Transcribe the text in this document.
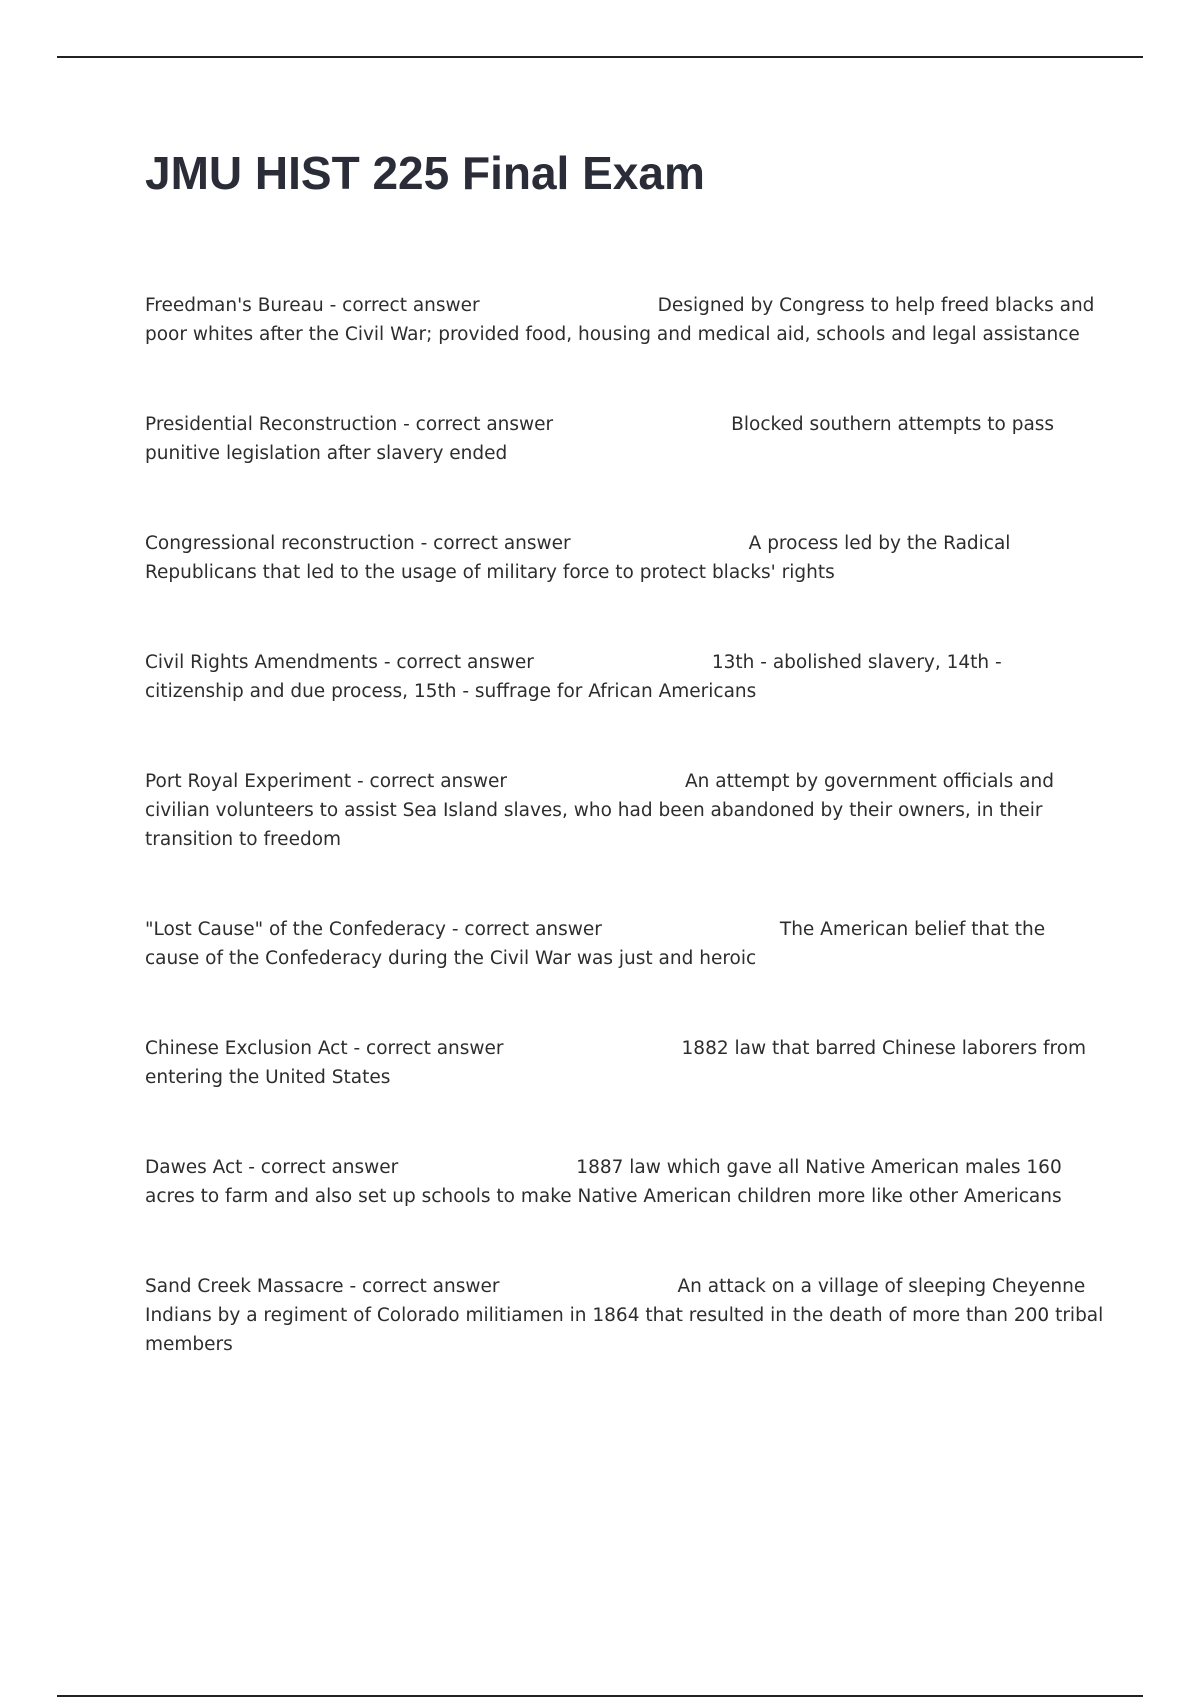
JMU HIST 225 Final Exam
Freedman's Bureau - correct answer	Designed by Congress to help freed blacks and poor whites after the Civil War; provided food, housing and medical aid, schools and legal assistance
Presidential Reconstruction - correct answer	Blocked southern attempts to pass punitive legislation after slavery ended
Congressional reconstruction - correct answer	A process led by the Radical Republicans that led to the usage of military force to protect blacks' rights
Civil Rights Amendments - correct answer	13th - abolished slavery, 14th - citizenship and due process, 15th - suffrage for African Americans
Port Royal Experiment - correct answer	An attempt by government officials and civilian volunteers to assist Sea Island slaves, who had been abandoned by their owners, in their transition to freedom
"Lost Cause" of the Confederacy - correct answer	The American belief that the cause of the Confederacy during the Civil War was just and heroic
Chinese Exclusion Act - correct answer	1882 law that barred Chinese laborers from entering the United States
Dawes Act - correct answer	1887 law which gave all Native American males 160 acres to farm and also set up schools to make Native American children more like other Americans
Sand Creek Massacre - correct answer	An attack on a village of sleeping Cheyenne Indians by a regiment of Colorado militiamen in 1864 that resulted in the death of more than 200 tribal members
